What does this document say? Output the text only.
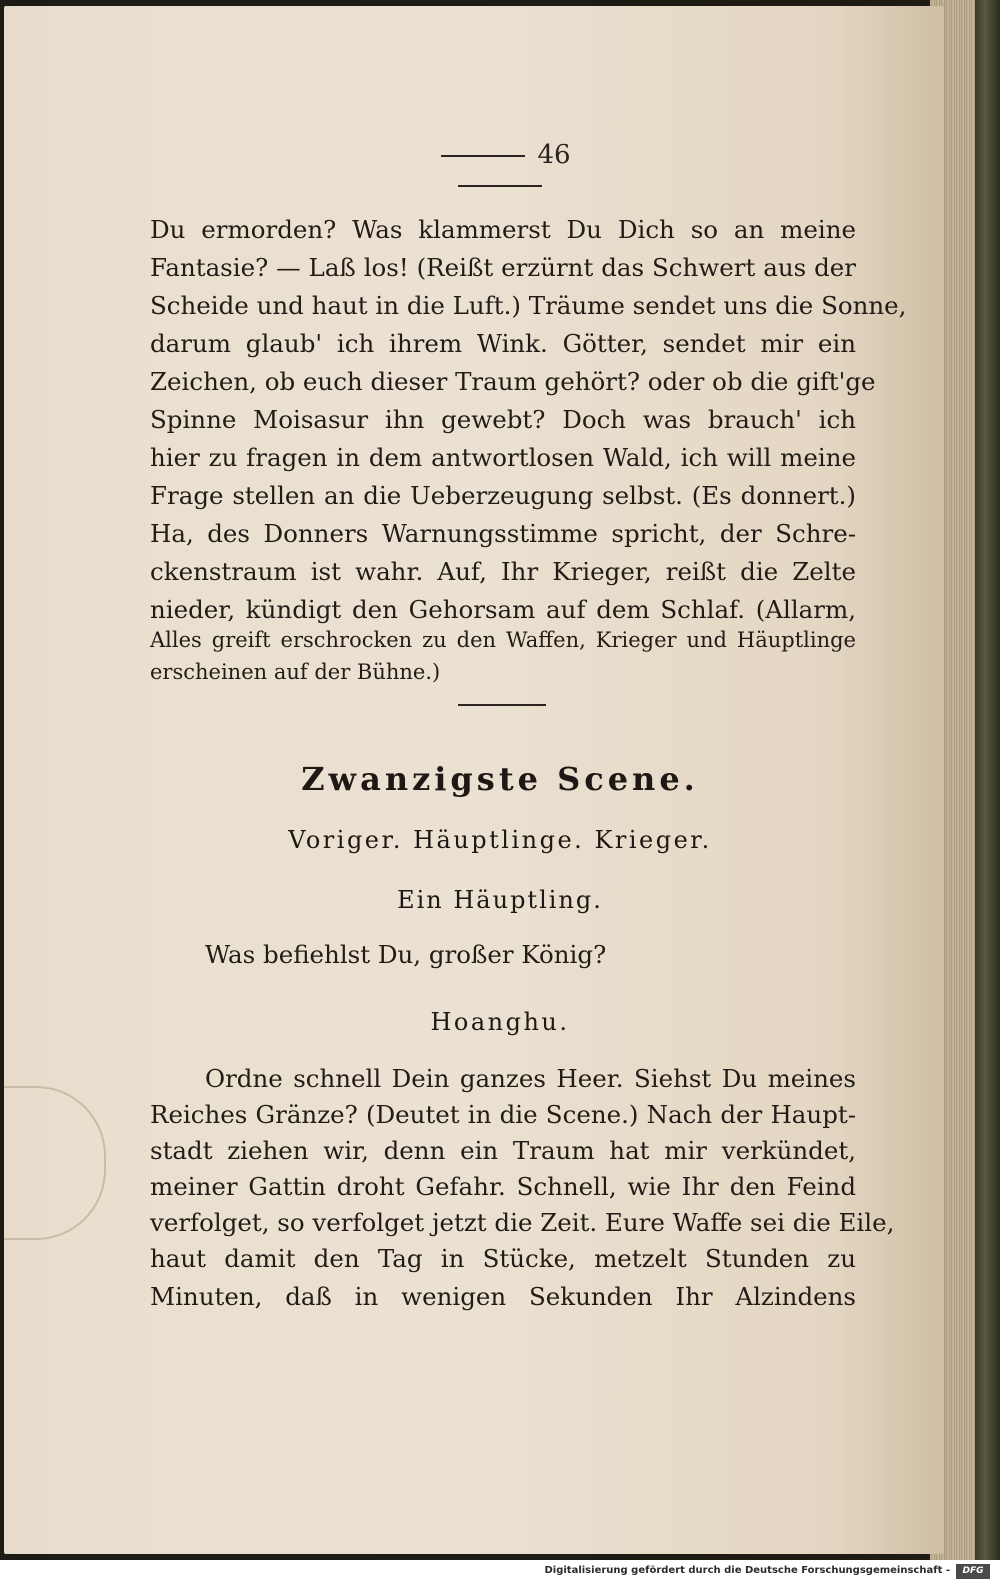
46
Du ermorden? Was klammerst Du Dich so an meine
Fantasie? — Laß los! (Reißt erzürnt das Schwert aus der
Scheide und haut in die Luft.) Träume sendet uns die Sonne,
darum glaub' ich ihrem Wink. Götter, sendet mir ein
Zeichen, ob euch dieser Traum gehört? oder ob die gift'ge
Spinne Moisasur ihn gewebt? Doch was brauch' ich
hier zu fragen in dem antwortlosen Wald, ich will meine
Frage stellen an die Ueberzeugung selbst. (Es donnert.)
Ha, des Donners Warnungsstimme spricht, der Schre-
ckenstraum ist wahr. Auf, Ihr Krieger, reißt die Zelte
nieder, kündigt den Gehorsam auf dem Schlaf. (Allarm,
Alles greift erschrocken zu den Waffen, Krieger und Häuptlinge
erscheinen auf der Bühne.)
Zwanzigste Scene.
Voriger. Häuptlinge. Krieger.
Ein Häuptling.
Was befiehlst Du, großer König?
Hoanghu.
Ordne schnell Dein ganzes Heer. Siehst Du meines
Reiches Gränze? (Deutet in die Scene.) Nach der Haupt-
stadt ziehen wir, denn ein Traum hat mir verkündet,
meiner Gattin droht Gefahr. Schnell, wie Ihr den Feind
verfolget, so verfolget jetzt die Zeit. Eure Waffe sei die Eile,
haut damit den Tag in Stücke, metzelt Stunden zu
Minuten, daß in wenigen Sekunden Ihr Alzindens
Digitalisierung gefördert durch die Deutsche Forschungsgemeinschaft -	DFG
